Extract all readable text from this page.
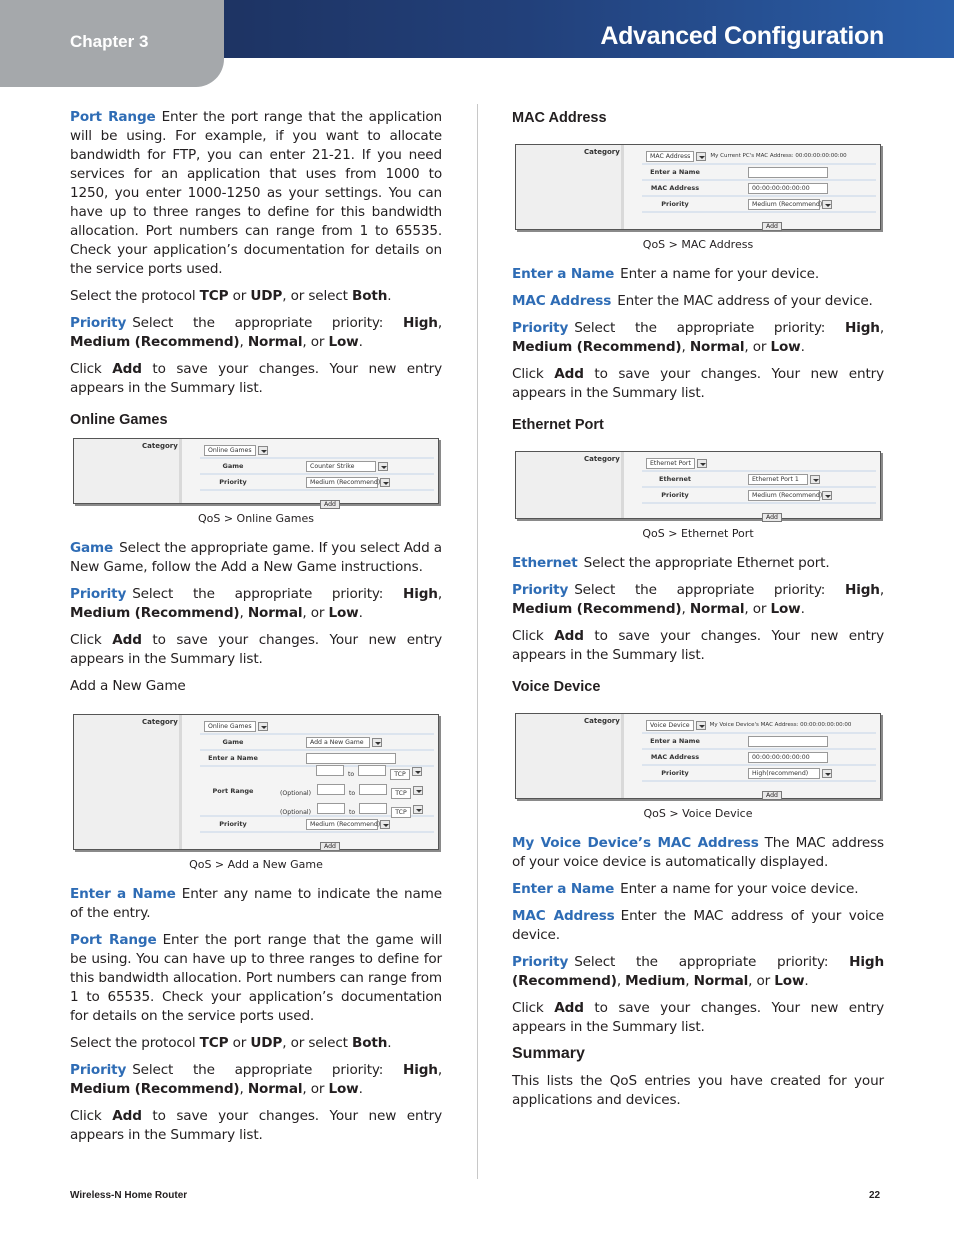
Chapter 3	Advanced Configuration

Port Range Enter the port range that the application will be using. For example, if you want to allocate bandwidth for FTP, you can enter 21-21. If you need services for an application that uses from 1000 to 1250, you enter 1000-1250 as your settings. You can have up to three ranges to define for this bandwidth allocation. Port numbers can range from 1 to 65535. Check your application’s documentation for details on the service ports used.

Select the protocol TCP or UDP, or select Both.

Priority Select the appropriate priority: High, Medium (Recommend), Normal, or Low.

Click Add to save your changes. Your new entry appears in the Summary list.

Online Games
Category	Online Games
Game	Counter Strike
Priority	Medium (Recommend)
Add
QoS > Online Games

Game Select the appropriate game. If you select Add a New Game, follow the Add a New Game instructions.

Priority Select the appropriate priority: High, Medium (Recommend), Normal, or Low.

Click Add to save your changes. Your new entry appears in the Summary list.

Add a New Game

Category	Online Games
Game	Add a New Game
Enter a Name
Port Range
to	TCP
(Optional)	to	TCP
(Optional)	to	TCP
Priority	Medium (Recommend)
Add
QoS > Add a New Game

Enter a Name Enter any name to indicate the name of the entry.

Port Range Enter the port range that the game will be using. You can have up to three ranges to define for this bandwidth allocation. Port numbers can range from 1 to 65535. Check your application’s documentation for details on the service ports used.

Select the protocol TCP or UDP, or select Both.

Priority Select the appropriate priority: High, Medium (Recommend), Normal, or Low.

Click Add to save your changes. Your new entry appears in the Summary list.

MAC Address
Category	MAC Address	My Current PC's MAC Address: 00:00:00:00:00:00
Enter a Name
MAC Address	00:00:00:00:00:00
Priority	Medium (Recommend)
Add
QoS > MAC Address

Enter a Name Enter a name for your device.

MAC Address Enter the MAC address of your device.

Priority Select the appropriate priority: High, Medium (Recommend), Normal, or Low.

Click Add to save your changes. Your new entry appears in the Summary list.

Ethernet Port
Category	Ethernet Port
Ethernet	Ethernet Port 1
Priority	Medium (Recommend)
Add
QoS > Ethernet Port

Ethernet Select the appropriate Ethernet port.

Priority Select the appropriate priority: High, Medium (Recommend), Normal, or Low.

Click Add to save your changes. Your new entry appears in the Summary list.

Voice Device
Category	Voice Device	My Voice Device's MAC Address: 00:00:00:00:00:00
Enter a Name
MAC Address	00:00:00:00:00:00
Priority	High(recommend)
Add
QoS > Voice Device

My Voice Device’s MAC Address The MAC address of your voice device is automatically displayed.

Enter a Name Enter a name for your voice device.

MAC Address Enter the MAC address of your voice device.

Priority Select the appropriate priority: High (Recommend), Medium, Normal, or Low.

Click Add to save your changes. Your new entry appears in the Summary list.

Summary

This lists the QoS entries you have created for your applications and devices.

Wireless-N Home Router	22
